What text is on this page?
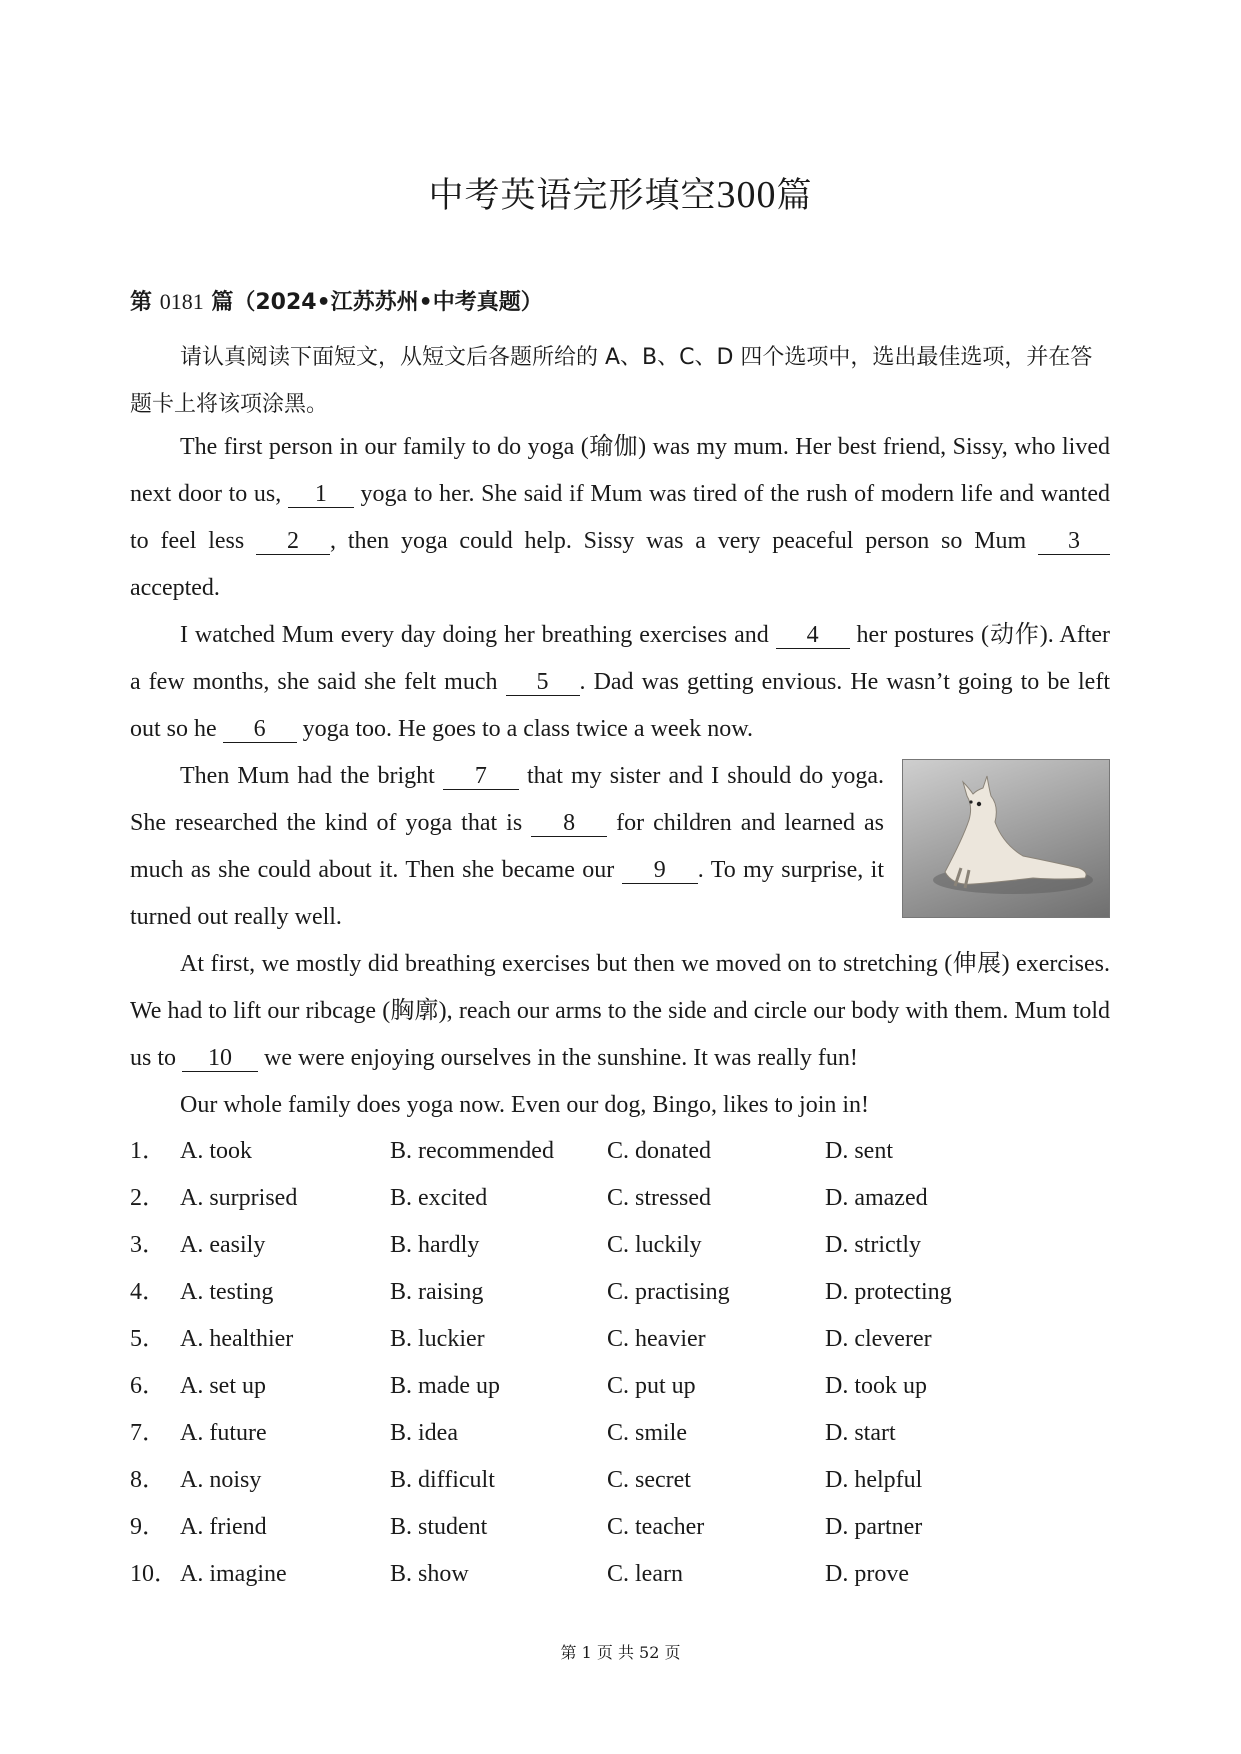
中考英语完形填空300篇
第 0181 篇（2024•江苏苏州•中考真题）
请认真阅读下面短文，从短文后各题所给的 A、B、C、D 四个选项中，选出最佳选项，并在答题卡上将该项涂黑。

The first person in our family to do yoga (瑜伽) was my mum. Her best friend, Sissy, who lived next door to us, 1 yoga to her. She said if Mum was tired of the rush of modern life and wanted to feel less 2 , then yoga could help. Sissy was a very peaceful person so Mum 3 accepted.

I watched Mum every day doing her breathing exercises and 4 her postures (动作). After a few months, she said she felt much 5 . Dad was getting envious. He wasn’t going to be left out so he 6 yoga too. He goes to a class twice a week now.

Then Mum had the bright 7 that my sister and I should do yoga. She researched the kind of yoga that is 8 for children and learned as much as she could about it. Then she became our 9 . To my surprise, it turned out really well.

At first, we mostly did breathing exercises but then we moved on to stretching (伸展) exercises. We had to lift our ribcage (胸廓), reach our arms to the side and circle our body with them. Mum told us to 10 we were enjoying ourselves in the sunshine. It was really fun!

Our whole family does yoga now. Even our dog, Bingo, likes to join in!

1． A. took	B. recommended C. donated	D. sent
2． A. surprised	B. excited	C. stressed	D. amazed
3． A. easily	B. hardly	C. luckily	D. strictly
4． A. testing	B. raising	C. practising	D. protecting
5． A. healthier	B. luckier	C. heavier	D. cleverer
6． A. set up	B. made up	C. put up	D. took up
7． A. future	B. idea	C. smile	D. start
8． A. noisy	B. difficult	C. secret	D. helpful
9． A. friend	B. student	C. teacher	D. partner
10． A. imagine	B. show	C. learn	D. prove
第 1 页 共 52 页
